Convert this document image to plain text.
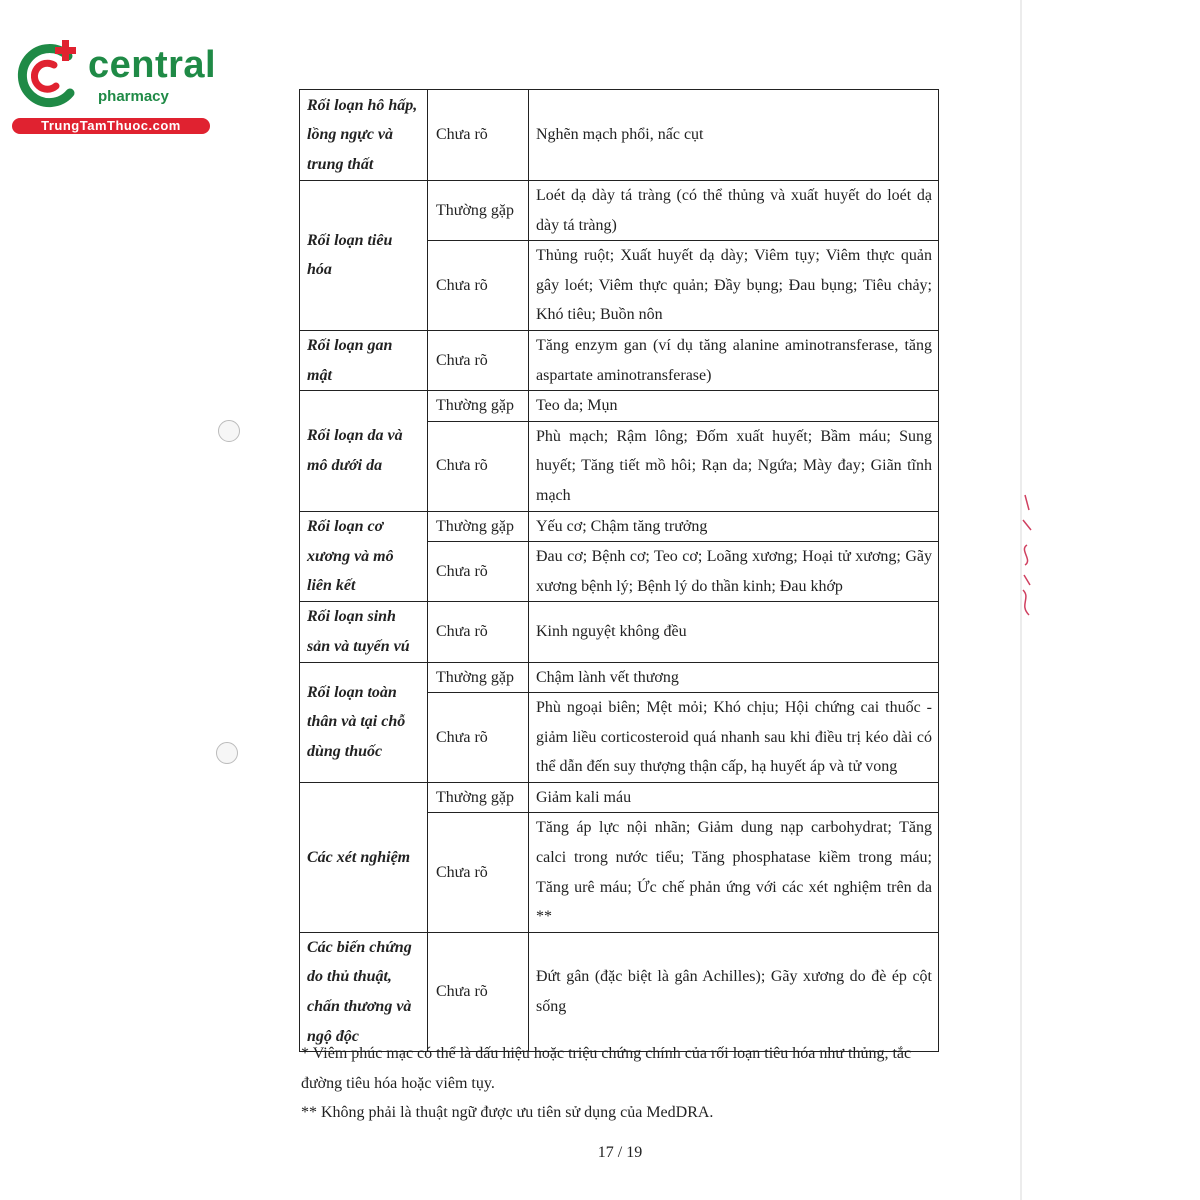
central
pharmacy
TrungTamThuoc.com
Rối loạn hô hấp, lồng ngực và trung thất	Chưa rõ	Nghẽn mạch phổi, nấc cụt
Rối loạn tiêu hóa	Thường gặp	Loét dạ dày tá tràng (có thể thủng và xuất huyết do loét dạ dày tá tràng)
	Chưa rõ	Thủng ruột; Xuất huyết dạ dày; Viêm tụy; Viêm thực quản gây loét; Viêm thực quản; Đầy bụng; Đau bụng; Tiêu chảy; Khó tiêu; Buồn nôn
Rối loạn gan mật	Chưa rõ	Tăng enzym gan (ví dụ tăng alanine aminotransferase, tăng aspartate aminotransferase)
Rối loạn da và mô dưới da	Thường gặp	Teo da; Mụn
	Chưa rõ	Phù mạch; Rậm lông; Đốm xuất huyết; Bầm máu; Sung huyết; Tăng tiết mồ hôi; Rạn da; Ngứa; Mày đay; Giãn tĩnh mạch
Rối loạn cơ xương và mô liên kết	Thường gặp	Yếu cơ; Chậm tăng trưởng
	Chưa rõ	Đau cơ; Bệnh cơ; Teo cơ; Loãng xương; Hoại tử xương; Gãy xương bệnh lý; Bệnh lý do thần kinh; Đau khớp
Rối loạn sinh sản và tuyến vú	Chưa rõ	Kinh nguyệt không đều
Rối loạn toàn thân và tại chỗ dùng thuốc	Thường gặp	Chậm lành vết thương
	Chưa rõ	Phù ngoại biên; Mệt mỏi; Khó chịu; Hội chứng cai thuốc - giảm liều corticosteroid quá nhanh sau khi điều trị kéo dài có thể dẫn đến suy thượng thận cấp, hạ huyết áp và tử vong
Các xét nghiệm	Thường gặp	Giảm kali máu
	Chưa rõ	Tăng áp lực nội nhãn; Giảm dung nạp carbohydrat; Tăng calci trong nước tiểu; Tăng phosphatase kiềm trong máu; Tăng urê máu; Ức chế phản ứng với các xét nghiệm trên da **
Các biến chứng do thủ thuật, chấn thương và ngộ độc	Chưa rõ	Đứt gân (đặc biệt là gân Achilles); Gãy xương do đè ép cột sống

* Viêm phúc mạc có thể là dấu hiệu hoặc triệu chứng chính của rối loạn tiêu hóa như thủng, tắc đường tiêu hóa hoặc viêm tụy.

** Không phải là thuật ngữ được ưu tiên sử dụng của MedDRA.

17 / 19
